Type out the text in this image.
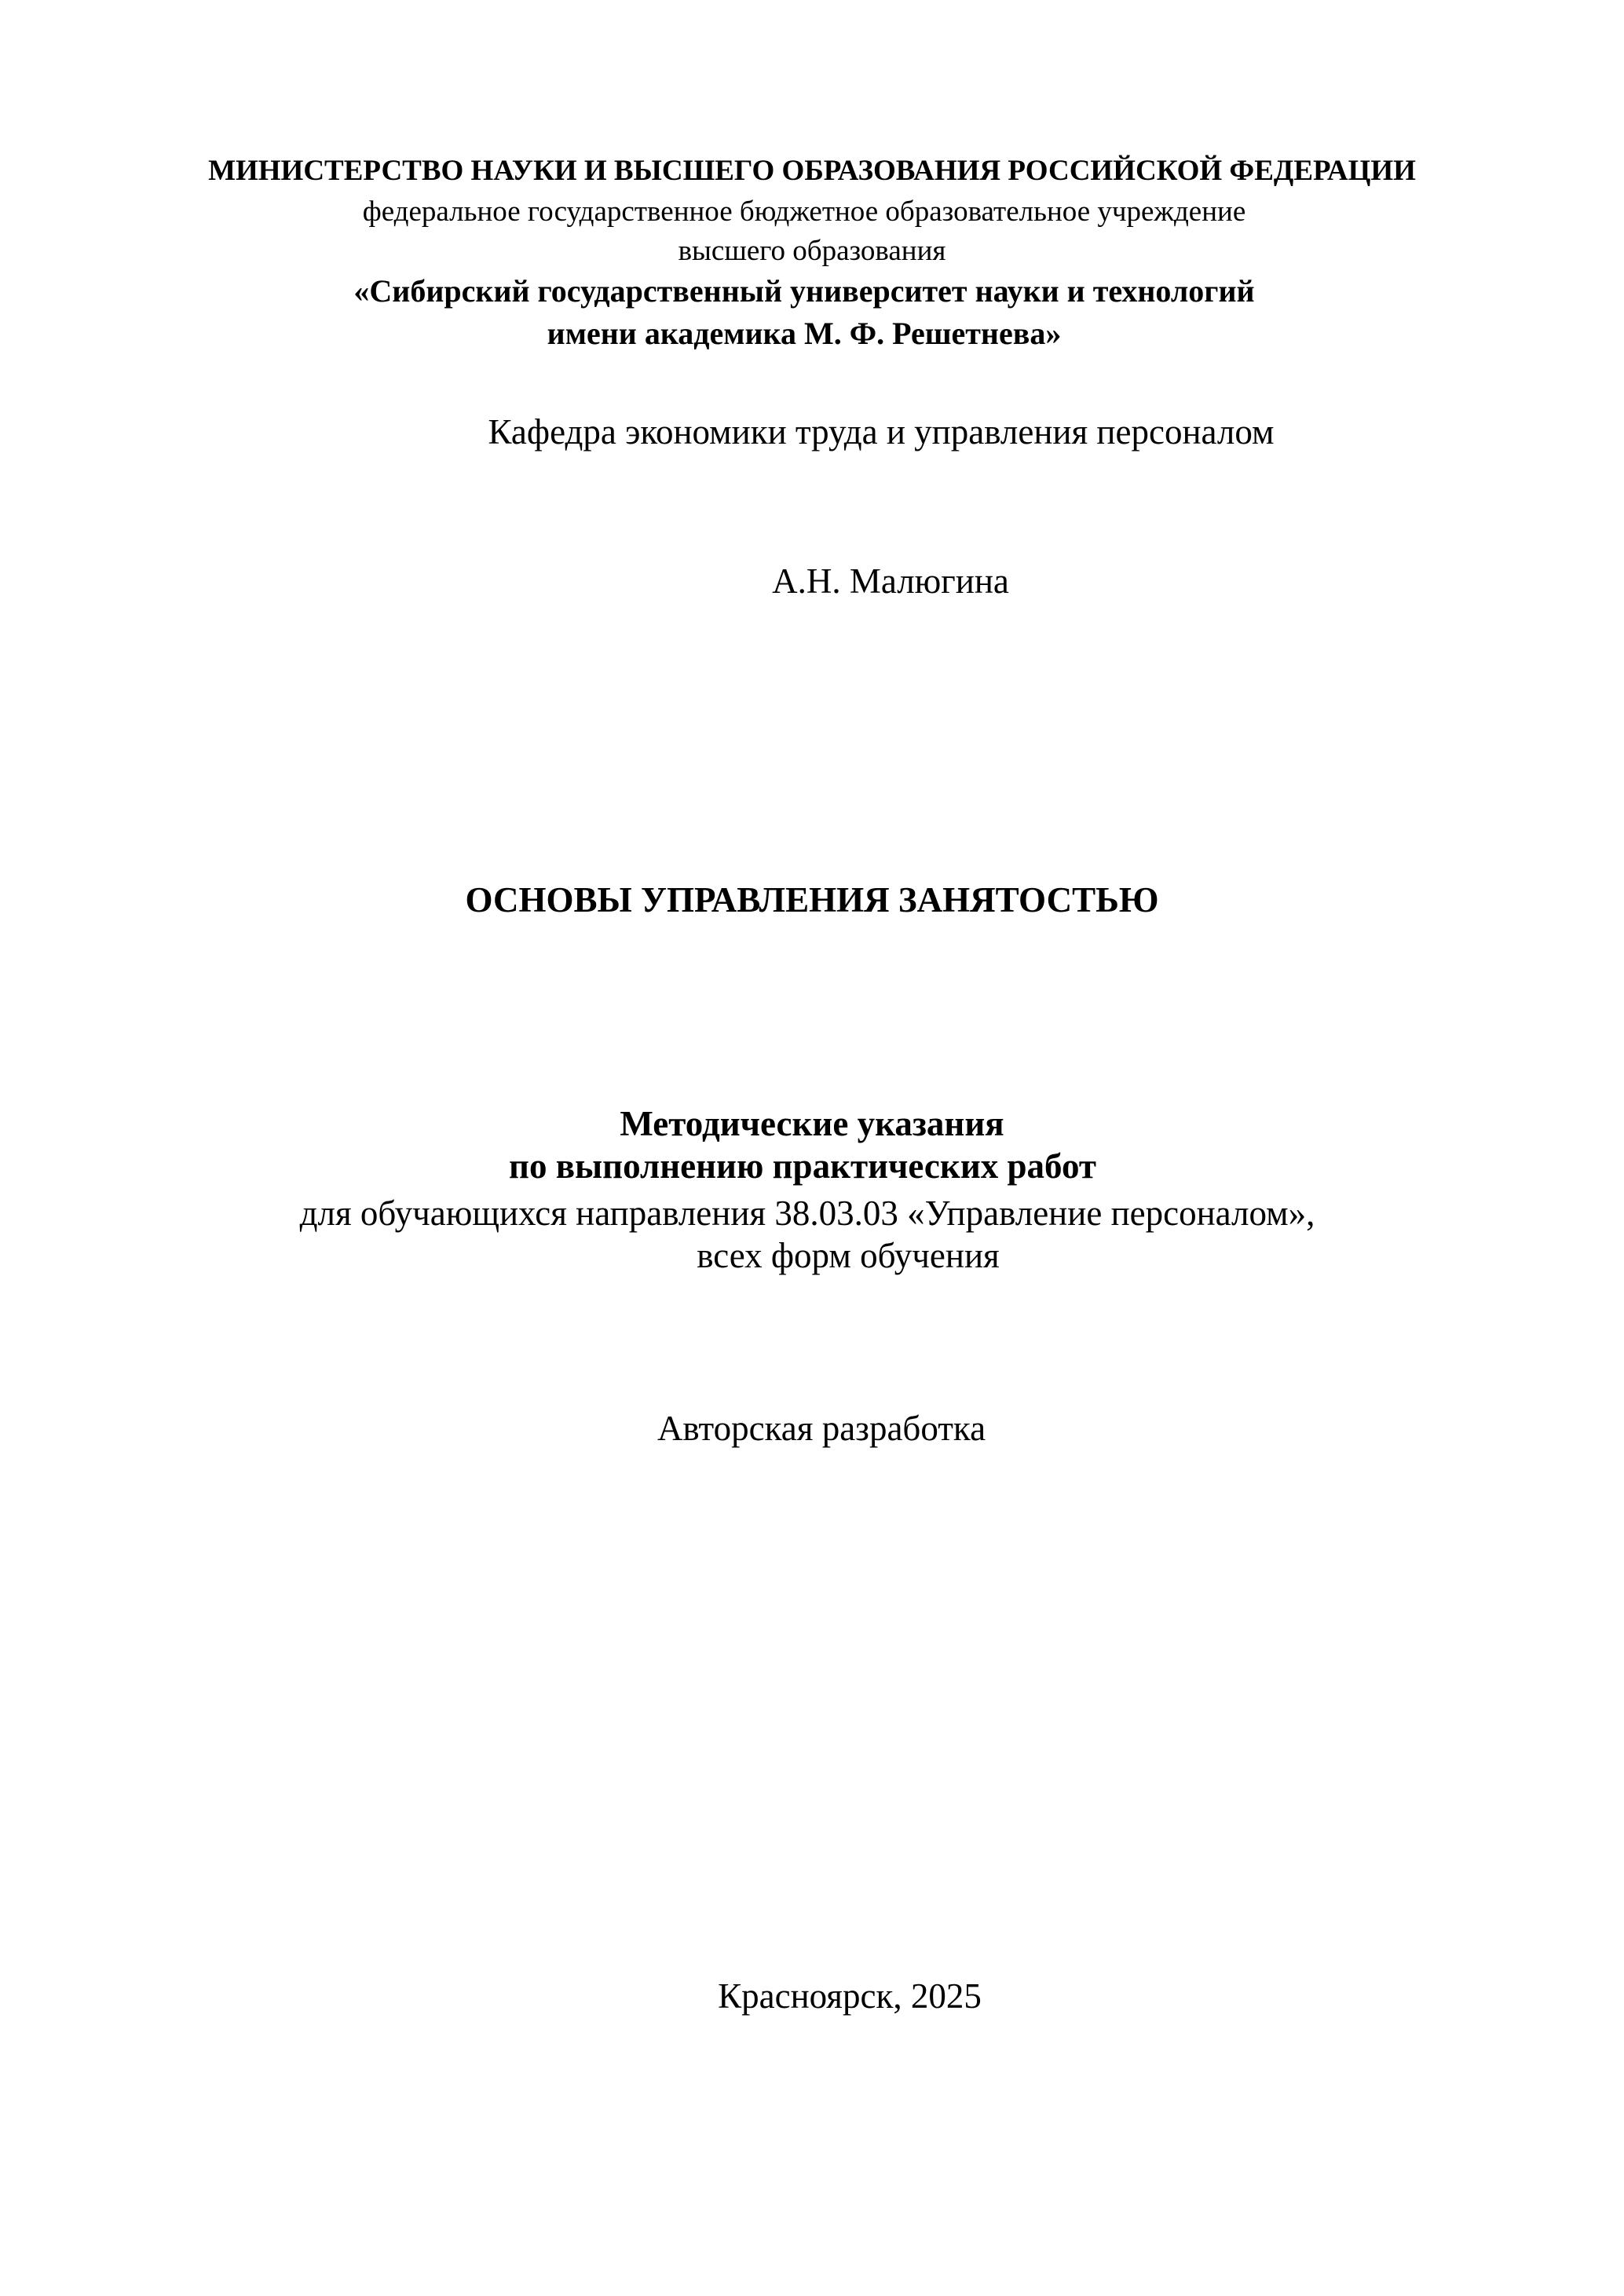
МИНИСТЕРСТВО НАУКИ И ВЫСШЕГО ОБРАЗОВАНИЯ РОССИЙСКОЙ ФЕДЕРАЦИИ
федеральное государственное бюджетное образовательное учреждение
высшего образования
«Сибирский государственный университет науки и технологий
имени академика М. Ф. Решетнева»
Кафедра экономики труда и управления персоналом
А.Н. Малюгина
ОСНОВЫ УПРАВЛЕНИЯ ЗАНЯТОСТЬЮ
Методические указания
по выполнению практических работ
для обучающихся направления 38.03.03 «Управление персоналом»,
всех форм обучения
Авторская разработка
Красноярск, 2025
